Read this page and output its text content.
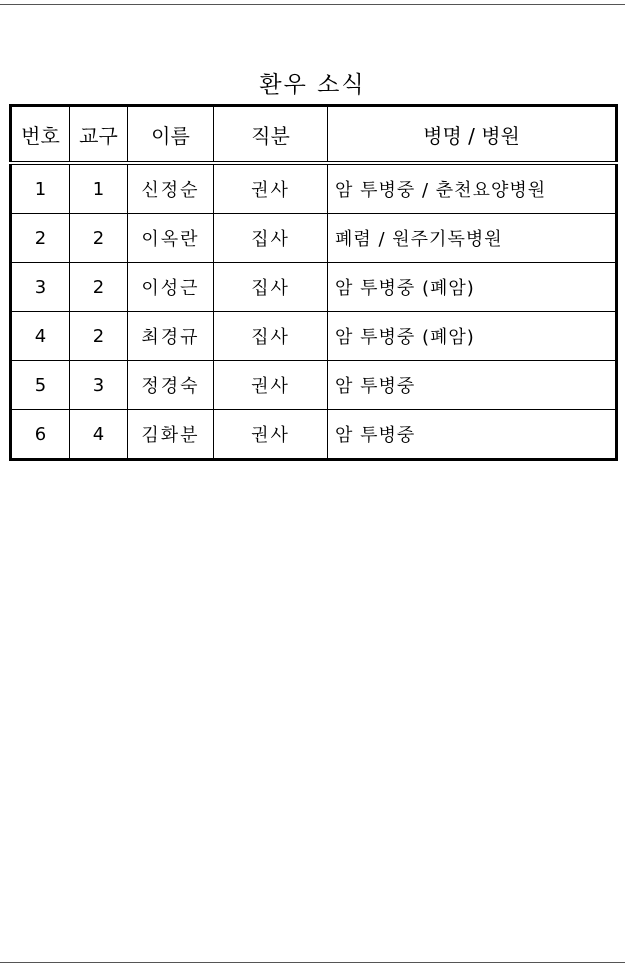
환우 소식
번호	교구	이름	직분	병명 / 병원
1	1	신정순	권사	암 투병중 / 춘천요양병원
2	2	이옥란	집사	폐렴 / 원주기독병원
3	2	이성근	집사	암 투병중 (폐암)
4	2	최경규	집사	암 투병중 (폐암)
5	3	정경숙	권사	암 투병중
6	4	김화분	권사	암 투병중
